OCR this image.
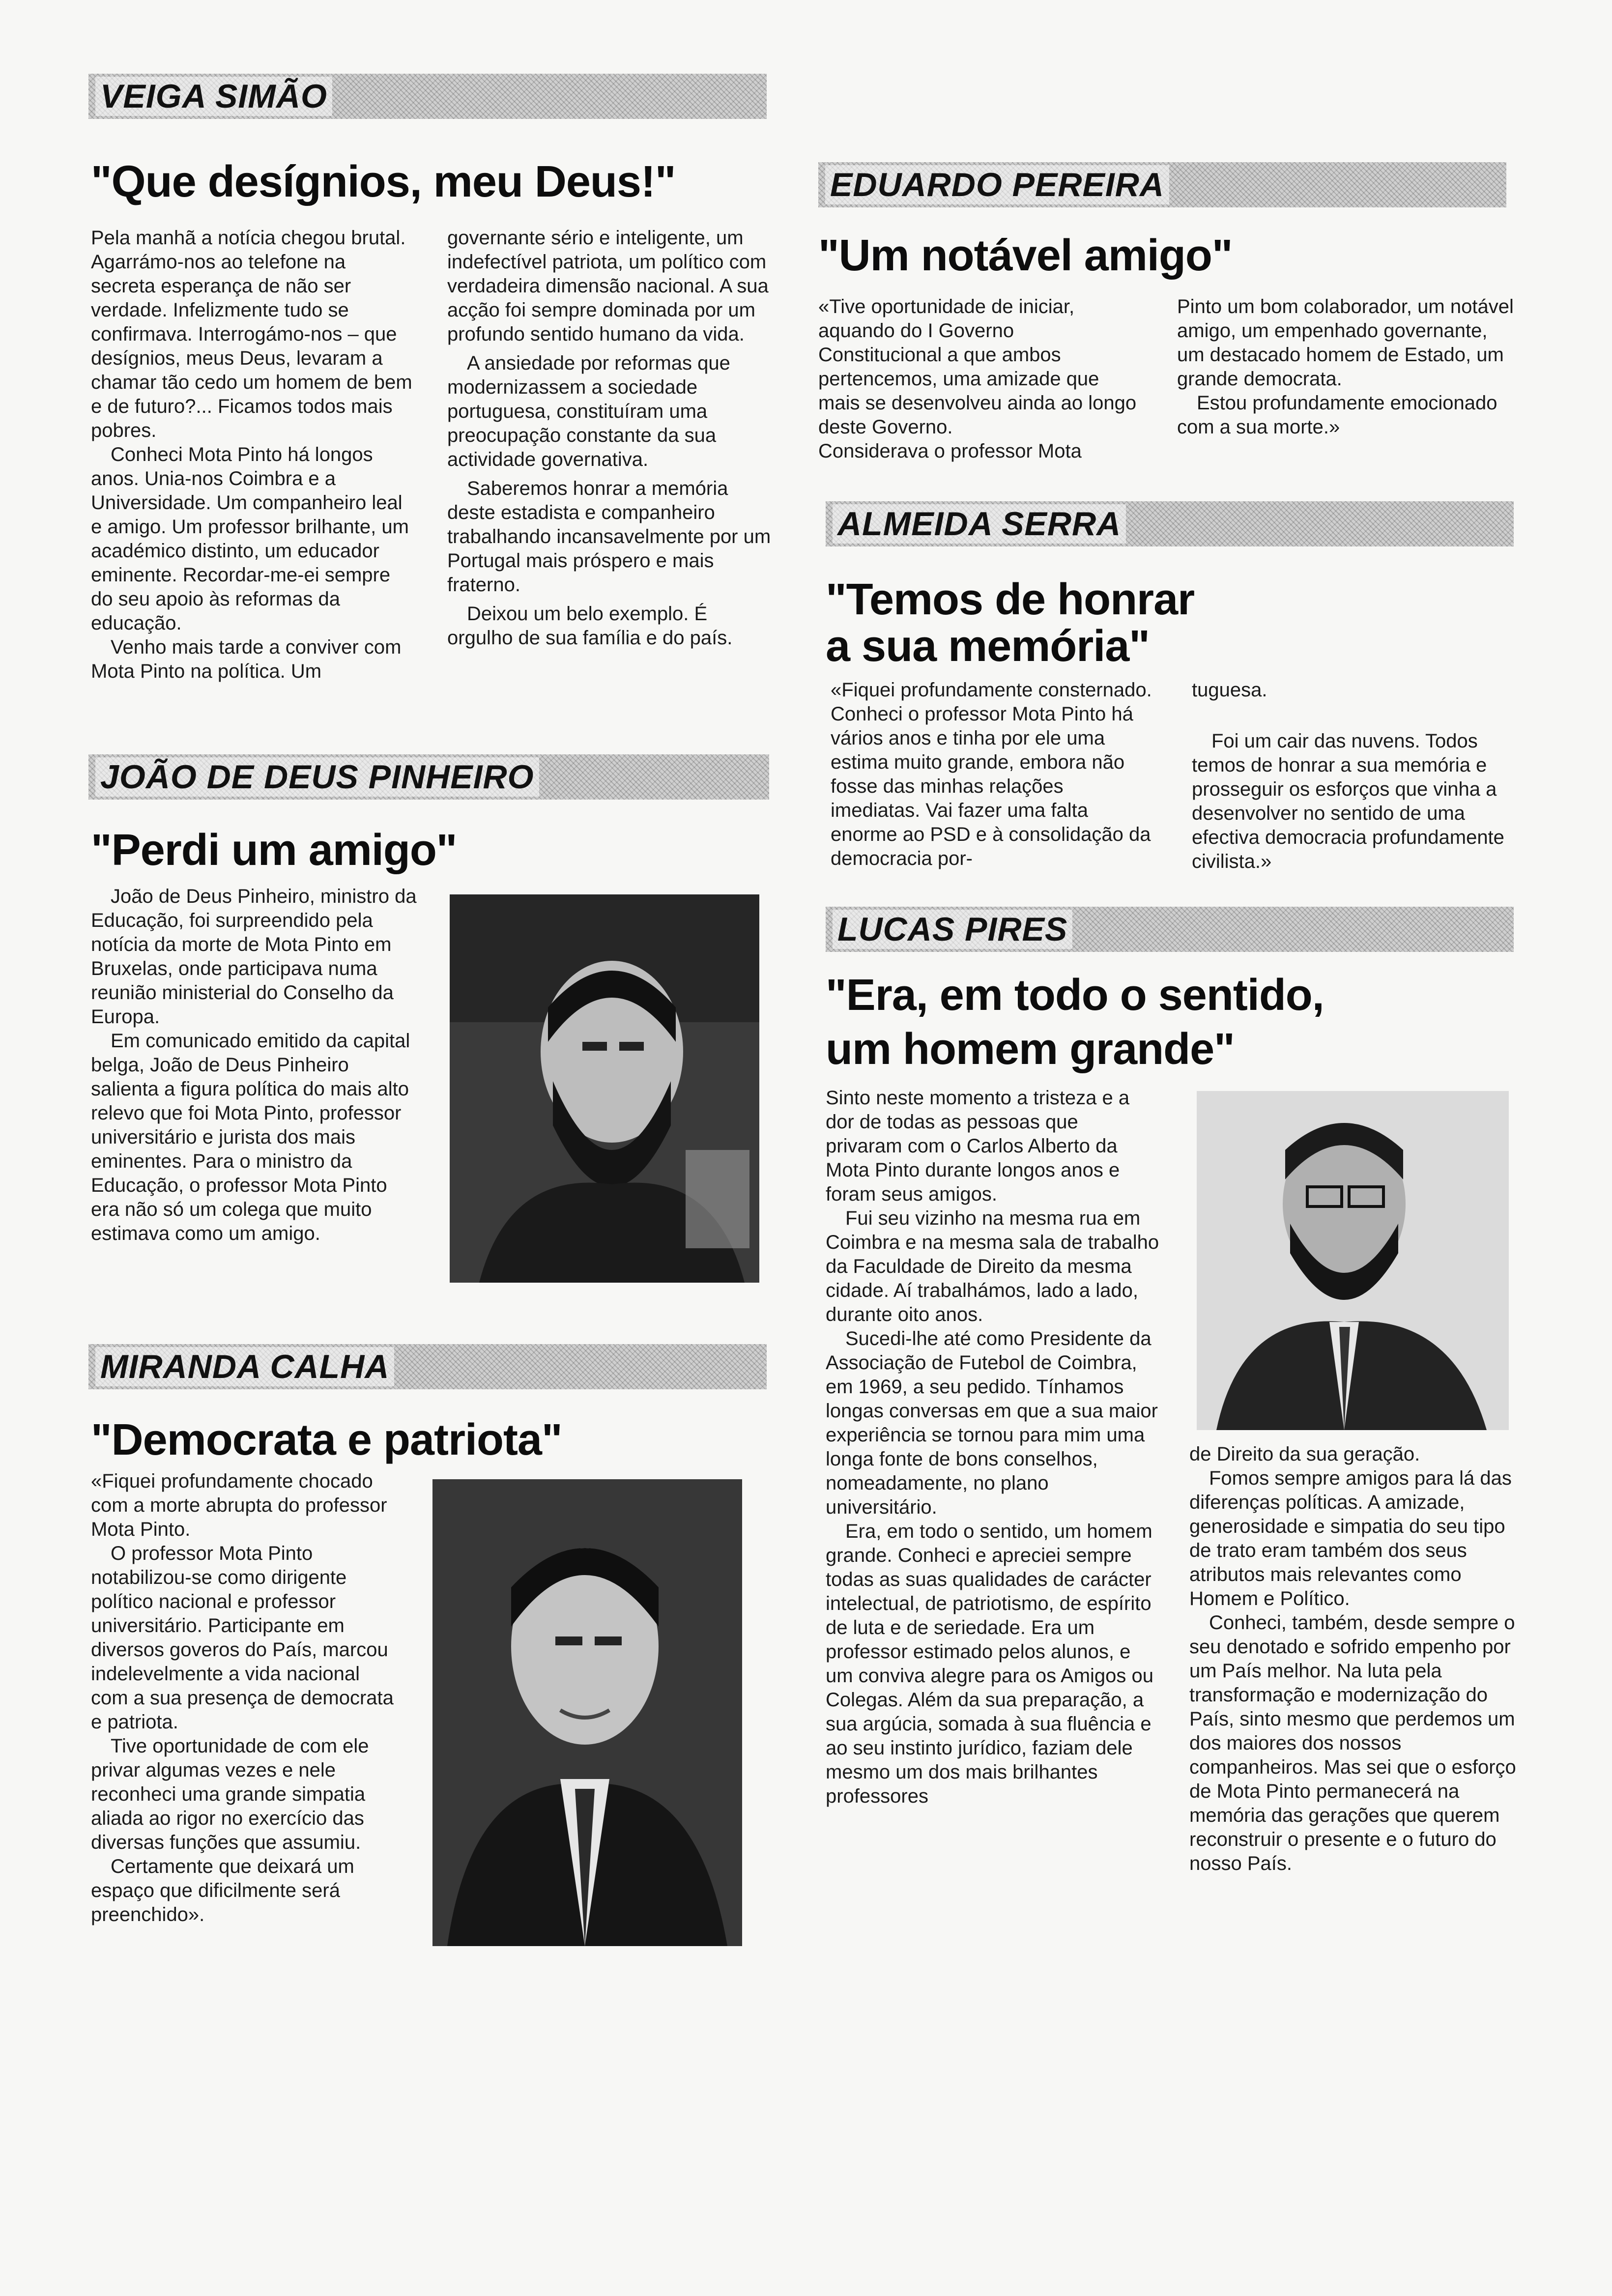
VEIGA SIMÃO
"Que desígnios, meu Deus!"

Pela manhã a notícia chegou brutal. Agarrámo-nos ao telefone na secreta esperança de não ser verdade. Infelizmente tudo se confirmava. Interrogámo-nos – que desígnios, meus Deus, levaram a chamar tão cedo um homem de bem e de futuro?... Ficamos todos mais pobres.

Conheci Mota Pinto há longos anos. Unia-nos Coimbra e a Universidade. Um companheiro leal e amigo. Um professor brilhante, um académico distinto, um educador eminente. Recordar-me-ei sempre do seu apoio às reformas da educação.

Venho mais tarde a conviver com Mota Pinto na política. Um

governante sério e inteligente, um indefectível patriota, um político com verdadeira dimensão nacional. A sua acção foi sempre dominada por um profundo sentido humano da vida.

A ansiedade por reformas que modernizassem a sociedade portuguesa, constituíram uma preocupação constante da sua actividade governativa.

Saberemos honrar a memória deste estadista e companheiro trabalhando incansavelmente por um Portugal mais próspero e mais fraterno.

Deixou um belo exemplo. É orgulho de sua família e do país.

EDUARDO PEREIRA
"Um notável amigo"

«Tive oportunidade de iniciar, aquando do I Governo Constitucional a que ambos pertencemos, uma amizade que mais se desenvolveu ainda ao longo deste Governo.

Considerava o professor Mota

Pinto um bom colaborador, um notável amigo, um empenhado governante, um destacado homem de Estado, um grande democrata.

Estou profundamente emocionado com a sua morte.»

ALMEIDA SERRA
"Temos de honrar
a sua memória"

«Fiquei profundamente consternado. Conheci o professor Mota Pinto há vários anos e tinha por ele uma estima muito grande, embora não fosse das minhas relações imediatas. Vai fazer uma falta enorme ao PSD e à consolidação da democracia por-

tuguesa.

Foi um cair das nuvens. Todos temos de honrar a sua memória e prosseguir os esforços que vinha a desenvolver no sentido de uma efectiva democracia profundamente civilista.»

JOÃO DE DEUS PINHEIRO
"Perdi um amigo"

João de Deus Pinheiro, ministro da Educação, foi surpreendido pela notícia da morte de Mota Pinto em Bruxelas, onde participava numa reunião ministerial do Conselho da Europa.

Em comunicado emitido da capital belga, João de Deus Pinheiro salienta a figura política do mais alto relevo que foi Mota Pinto, professor universitário e jurista dos mais eminentes. Para o ministro da Educação, o professor Mota Pinto era não só um colega que muito estimava como um amigo.

LUCAS PIRES
"Era, em todo o sentido,
um homem grande"

Sinto neste momento a tristeza e a dor de todas as pessoas que privaram com o Carlos Alberto da Mota Pinto durante longos anos e foram seus amigos.

Fui seu vizinho na mesma rua em Coimbra e na mesma sala de trabalho da Faculdade de Direito da mesma cidade. Aí trabalhámos, lado a lado, durante oito anos.

Sucedi-lhe até como Presidente da Associação de Futebol de Coimbra, em 1969, a seu pedido. Tínhamos longas conversas em que a sua maior experiência se tornou para mim uma longa fonte de bons conselhos, nomeadamente, no plano universitário.

Era, em todo o sentido, um homem grande. Conheci e apreciei sempre todas as suas qualidades de carácter intelectual, de patriotismo, de espírito de luta e de seriedade. Era um professor estimado pelos alunos, e um conviva alegre para os Amigos ou Colegas. Além da sua preparação, a sua argúcia, somada à sua fluência e ao seu instinto jurídico, faziam dele mesmo um dos mais brilhantes professores

de Direito da sua geração.

Fomos sempre amigos para lá das diferenças políticas. A amizade, generosidade e simpatia do seu tipo de trato eram também dos seus atributos mais relevantes como Homem e Político.

Conheci, também, desde sempre o seu denotado e sofrido empenho por um País melhor. Na luta pela transformação e modernização do País, sinto mesmo que perdemos um dos maiores dos nossos companheiros. Mas sei que o esforço de Mota Pinto permanecerá na memória das gerações que querem reconstruir o presente e o futuro do nosso País.

MIRANDA CALHA
"Democrata e patriota"

«Fiquei profundamente chocado com a morte abrupta do professor Mota Pinto.

O professor Mota Pinto notabilizou-se como dirigente político nacional e professor universitário. Participante em diversos goveros do País, marcou indelevelmente a vida nacional com a sua presença de democrata e patriota.

Tive oportunidade de com ele privar algumas vezes e nele reconheci uma grande simpatia aliada ao rigor no exercício das diversas funções que assumiu.

Certamente que deixará um espaço que dificilmente será preenchido».
